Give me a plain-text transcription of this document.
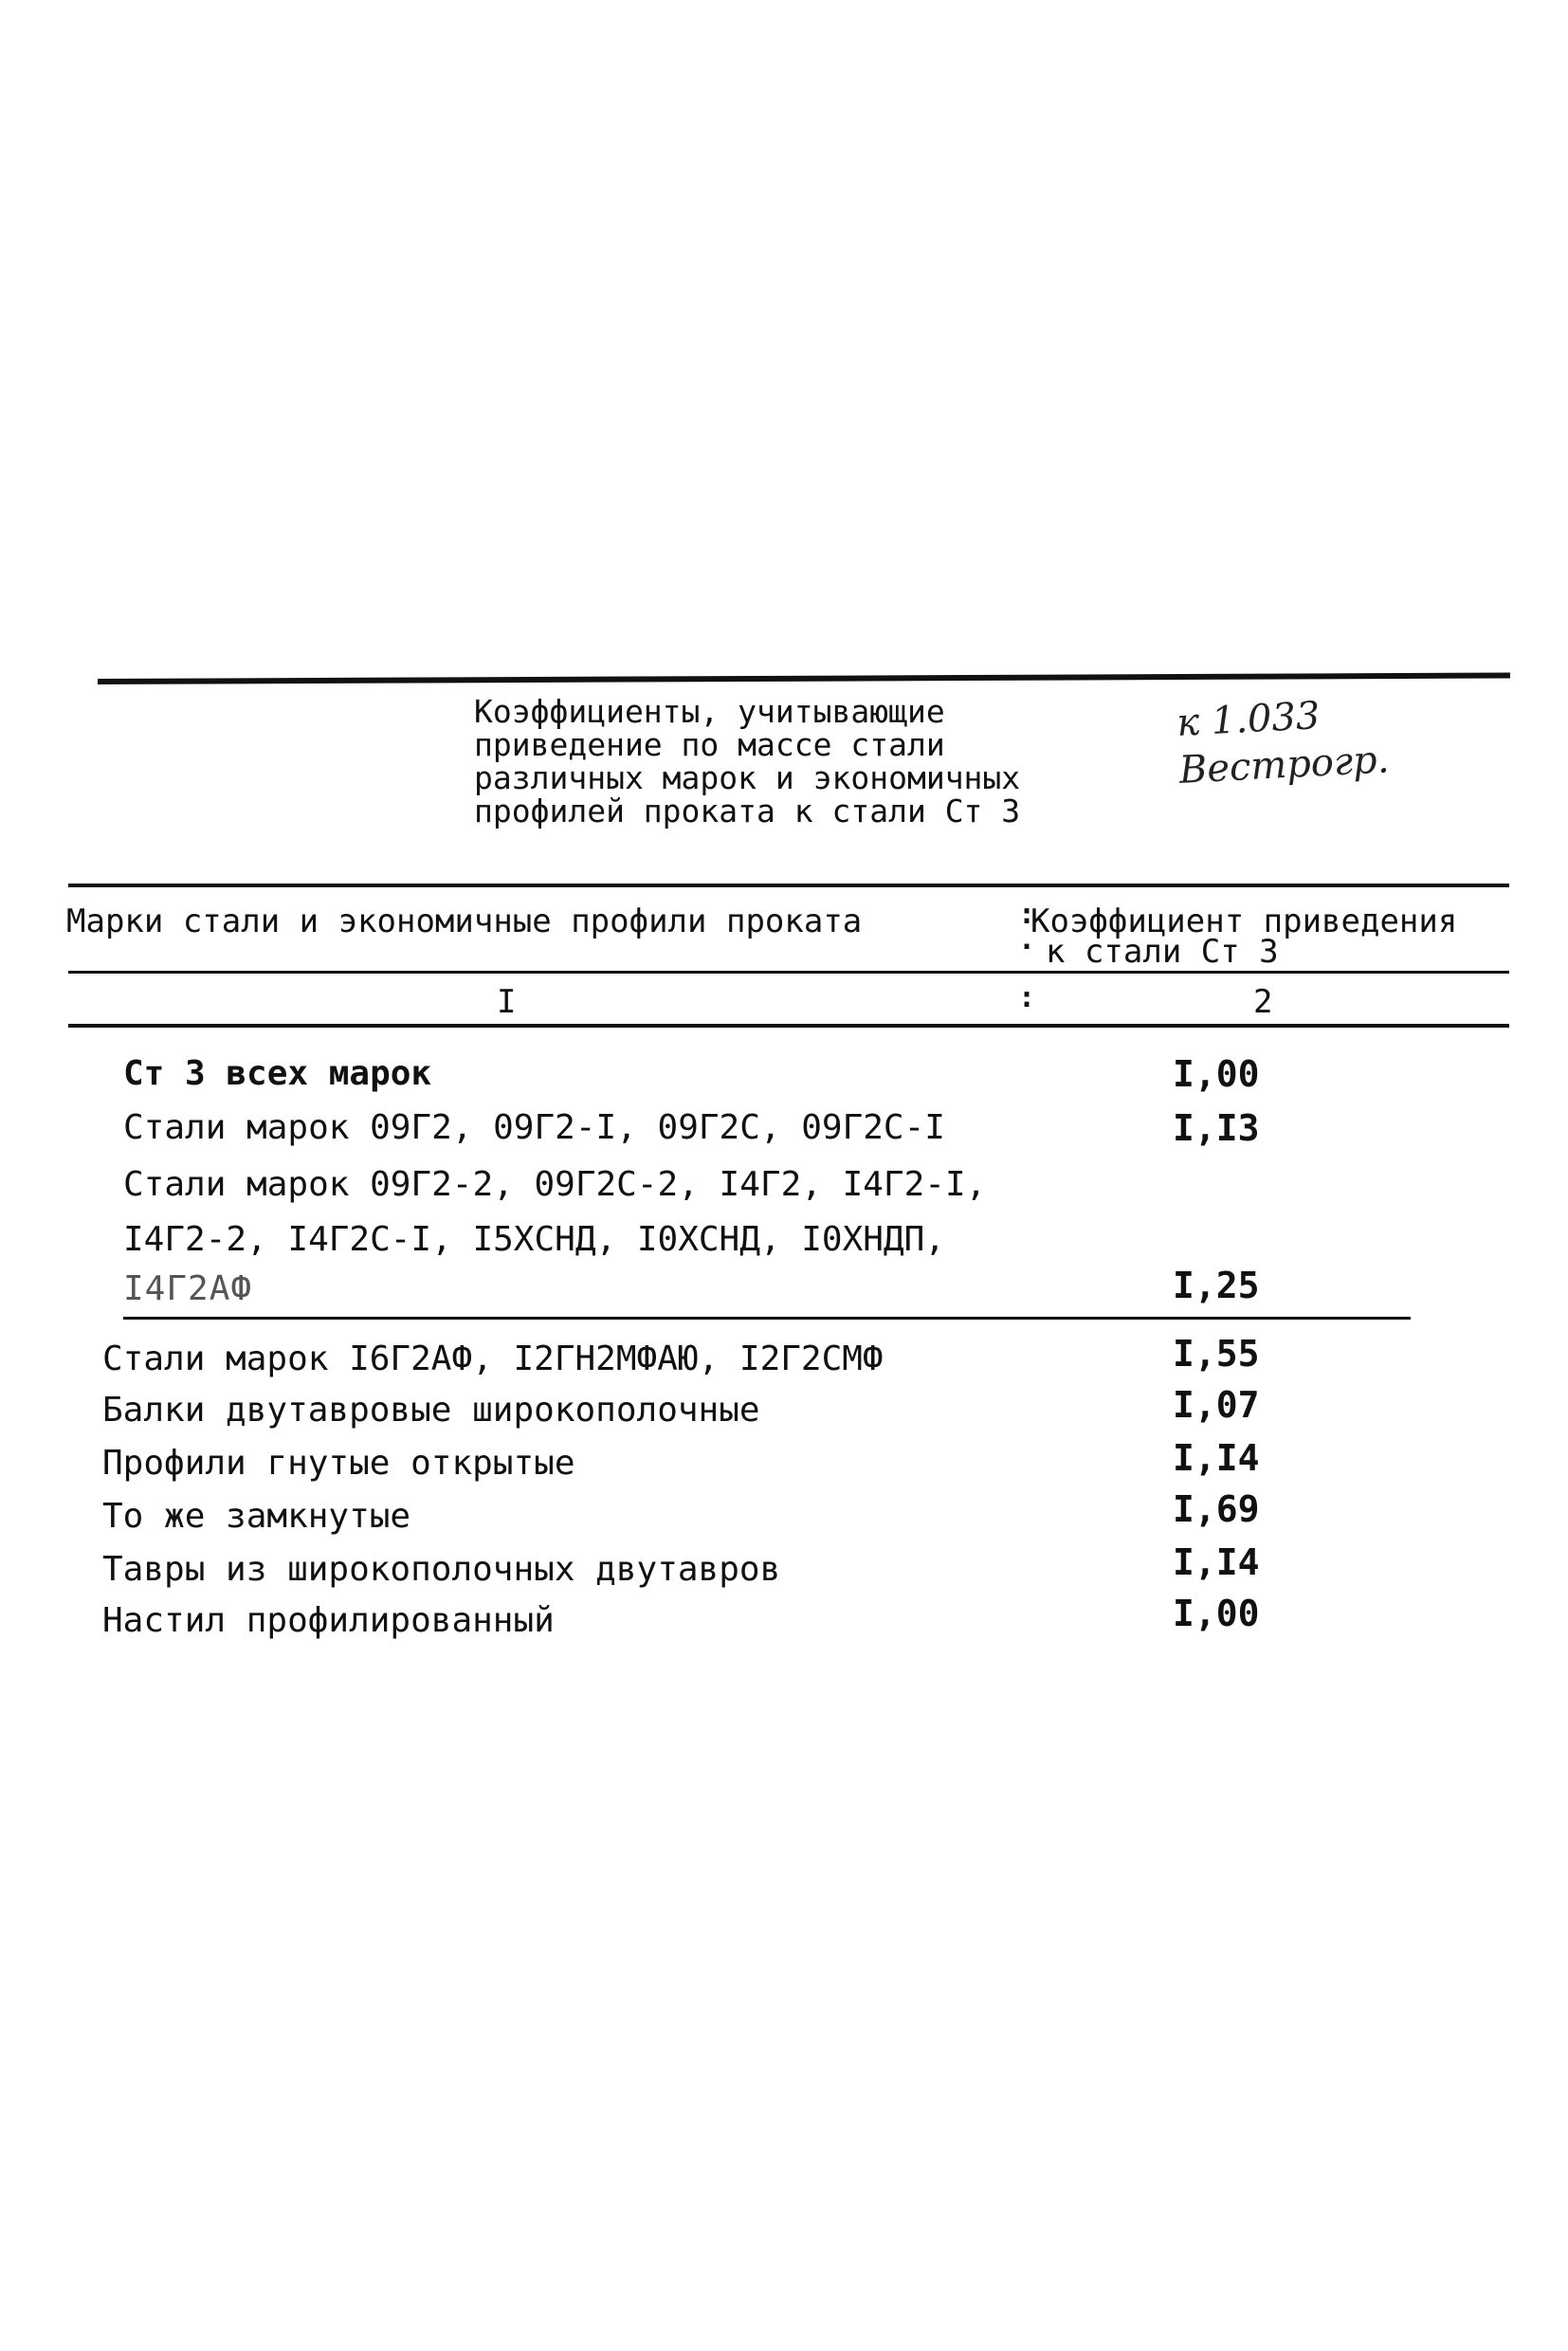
Коэффициенты, учитывающие
приведение по массе стали
различных марок и экономичных
профилей проката к стали Ст 3
к 1.033
Вестрогр.
Марки стали и экономичные профили проката	Коэффициент приведения
к стали Ст 3
:
·
I	:	2
Ст 3 всех марок	I,00
Стали марок 09Г2, 09Г2-I, 09Г2С, 09Г2С-I	I,I3
Стали марок 09Г2-2, 09Г2С-2, I4Г2, I4Г2-I,
I4Г2-2, I4Г2С-I, I5ХСНД, I0ХСНД, I0ХНДП,
I4Г2АФ	I,25
Стали марок I6Г2АФ, I2ГН2МФАЮ, I2Г2СМФ	I,55
Балки двутавровые широкополочные	I,07
Профили гнутые открытые	I,I4
То же замкнутые	I,69
Тавры из широкополочных двутавров	I,I4
Настил профилированный	I,00
